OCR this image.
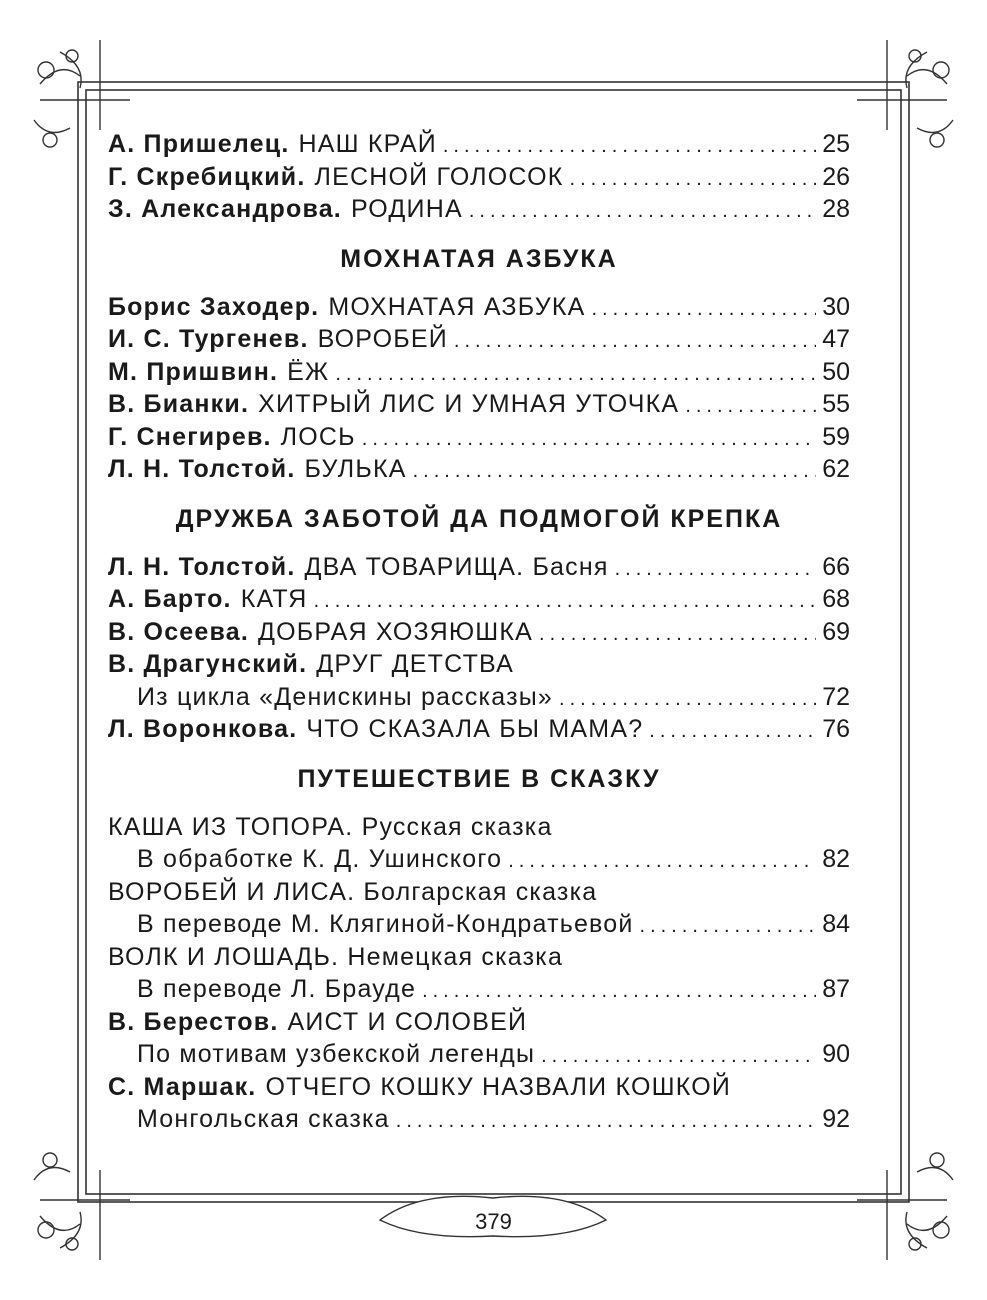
А. Пришелец. НАШ КРАЙ .....	25
Г. Скребицкий. ЛЕСНОЙ ГОЛОСОК .....	26
З. Александрова. РОДИНА .....	28
МОХНАТАЯ АЗБУКА
Борис Заходер. МОХНАТАЯ АЗБУКА .....	30
И. С. Тургенев. ВОРОБЕЙ .....	47
М. Пришвин. ЁЖ .....	50
В. Бианки. ХИТРЫЙ ЛИС И УМНАЯ УТОЧКА .....	55
Г. Снегирев. ЛОСЬ .....	59
Л. Н. Толстой. БУЛЬКА .....	62
ДРУЖБА ЗАБОТОЙ ДА ПОДМОГОЙ КРЕПКА
Л. Н. Толстой. ДВА ТОВАРИЩА. Басня .....	66
А. Барто. КАТЯ .....	68
В. Осеева. ДОБРАЯ ХОЗЯЮШКА .....	69
В. Драгунский. ДРУГ ДЕТСТВА
Из цикла «Денискины рассказы» .....	72
Л. Воронкова. ЧТО СКАЗАЛА БЫ МАМА? .....	76
ПУТЕШЕСТВИЕ В СКАЗКУ
КАША ИЗ ТОПОРА. Русская сказка
В обработке К. Д. Ушинского .....	82
ВОРОБЕЙ И ЛИСА. Болгарская сказка
В переводе М. Клягиной-Кондратьевой .....	84
ВОЛК И ЛОШАДЬ. Немецкая сказка
В переводе Л. Брауде .....	87
В. Берестов. АИСТ И СОЛОВЕЙ
По мотивам узбекской легенды .....	90
С. Маршак. ОТЧЕГО КОШКУ НАЗВАЛИ КОШКОЙ
Монгольская сказка .....	92
379
